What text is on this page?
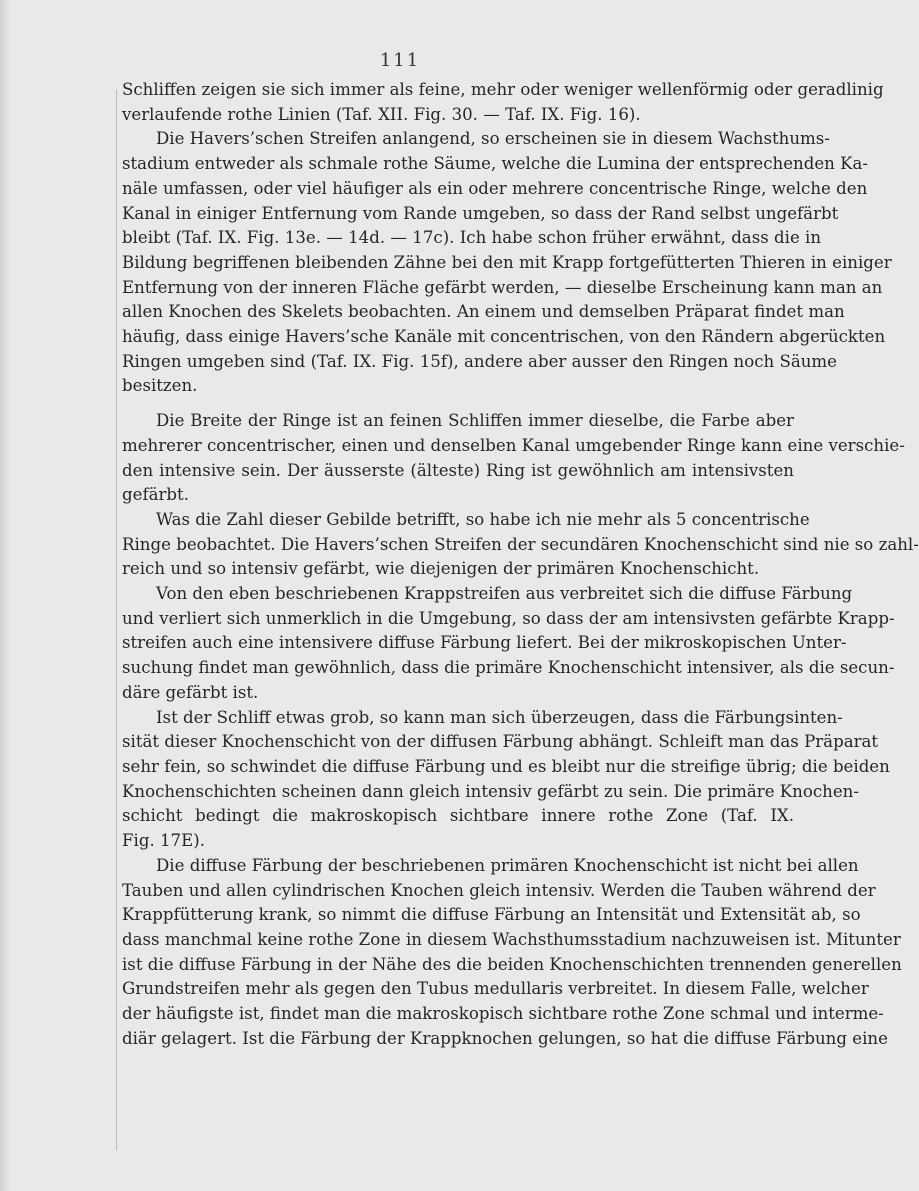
111

Schliffen zeigen sie sich immer als feine, mehr oder weniger wellenförmig oder geradlinig
verlaufende rothe Linien (Taf. XII. Fig. 30. — Taf. IX. Fig. 16).

Die Havers’schen Streifen anlangend, so erscheinen sie in diesem Wachsthums-
stadium entweder als schmale rothe Säume, welche die Lumina der entsprechenden Ka-
näle umfassen, oder viel häufiger als ein oder mehrere concentrische Ringe, welche den
Kanal in einiger Entfernung vom Rande umgeben, so dass der Rand selbst ungefärbt
bleibt (Taf. IX. Fig. 13e. — 14d. — 17c). Ich habe schon früher erwähnt, dass die in
Bildung begriffenen bleibenden Zähne bei den mit Krapp fortgefütterten Thieren in einiger
Entfernung von der inneren Fläche gefärbt werden, — dieselbe Erscheinung kann man an
allen Knochen des Skelets beobachten. An einem und demselben Präparat findet man
häufig, dass einige Havers’sche Kanäle mit concentrischen, von den Rändern abgerückten
Ringen umgeben sind (Taf. IX. Fig. 15f), andere aber ausser den Ringen noch Säume
besitzen.

Die Breite der Ringe ist an feinen Schliffen immer dieselbe, die Farbe aber
mehrerer concentrischer, einen und denselben Kanal umgebender Ringe kann eine verschie-
den intensive sein. Der äusserste (älteste) Ring ist gewöhnlich am intensivsten
gefärbt.

Was die Zahl dieser Gebilde betrifft, so habe ich nie mehr als 5 concentrische
Ringe beobachtet. Die Havers’schen Streifen der secundären Knochenschicht sind nie so zahl-
reich und so intensiv gefärbt, wie diejenigen der primären Knochenschicht.

Von den eben beschriebenen Krappstreifen aus verbreitet sich die diffuse Färbung
und verliert sich unmerklich in die Umgebung, so dass der am intensivsten gefärbte Krapp-
streifen auch eine intensivere diffuse Färbung liefert. Bei der mikroskopischen Unter-
suchung findet man gewöhnlich, dass die primäre Knochenschicht intensiver, als die secun-
däre gefärbt ist.

Ist der Schliff etwas grob, so kann man sich überzeugen, dass die Färbungsinten-
sität dieser Knochenschicht von der diffusen Färbung abhängt. Schleift man das Präparat
sehr fein, so schwindet die diffuse Färbung und es bleibt nur die streifige übrig; die beiden
Knochenschichten scheinen dann gleich intensiv gefärbt zu sein. Die primäre Knochen-
schicht bedingt die makroskopisch sichtbare innere rothe Zone (Taf. IX.
Fig. 17E).

Die diffuse Färbung der beschriebenen primären Knochenschicht ist nicht bei allen
Tauben und allen cylindrischen Knochen gleich intensiv. Werden die Tauben während der
Krappfütterung krank, so nimmt die diffuse Färbung an Intensität und Extensität ab, so
dass manchmal keine rothe Zone in diesem Wachsthumsstadium nachzuweisen ist. Mitunter
ist die diffuse Färbung in der Nähe des die beiden Knochenschichten trennenden generellen
Grundstreifen mehr als gegen den Tubus medullaris verbreitet. In diesem Falle, welcher
der häufigste ist, findet man die makroskopisch sichtbare rothe Zone schmal und interme-
diär gelagert. Ist die Färbung der Krappknochen gelungen, so hat die diffuse Färbung eine
